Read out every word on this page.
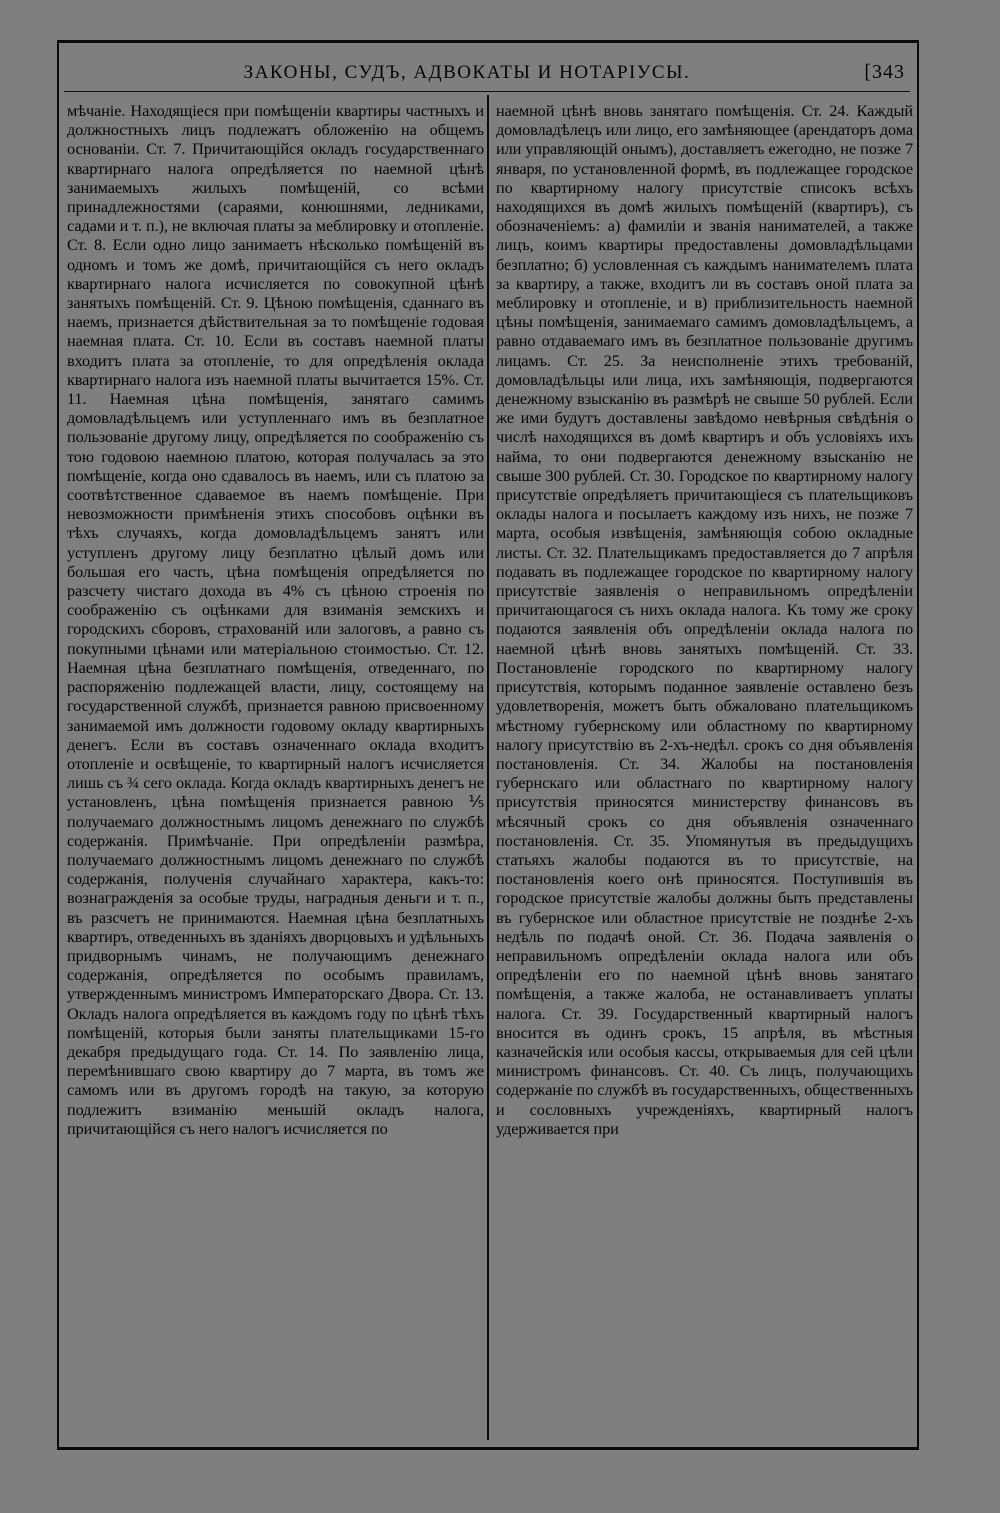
ЗАКОНЫ, СУДЪ, АДВОКАТЫ И НОТАРІУСЫ.	[343
мѣчаніе. Находящіеся при помѣщеніи квартиры частныхъ и должностныхъ лицъ подлежатъ обложенію на общемъ основаніи. Ст. 7. Причитающійся окладъ государственнаго квартирнаго налога опредѣляется по наемной цѣнѣ занимаемыхъ жилыхъ помѣщеній, со всѣми принадлежностями (сараями, конюшнями, ледниками, садами и т. п.), не включая платы за меблировку и отопленіе. Ст. 8. Если одно лицо занимаетъ нѣсколько помѣщеній въ одномъ и томъ же домѣ, причитающійся съ него окладъ квартирнаго налога исчисляется по совокупной цѣнѣ занятыхъ помѣщеній. Ст. 9. Цѣною помѣщенія, сданнаго въ наемъ, признается дѣйствительная за то помѣщеніе годовая наемная плата. Ст. 10. Если въ составъ наемной платы входитъ плата за отопленіе, то для опредѣленія оклада квартирнаго налога изъ наемной платы вычитается 15%. Ст. 11. Наемная цѣна помѣщенія, занятаго самимъ домовладѣльцемъ или уступленнаго имъ въ безплатное пользованіе другому лицу, опредѣляется по соображенію съ тою годовою наемною платою, которая получалась за это помѣщеніе, когда оно сдавалось въ наемъ, или съ платою за соотвѣтственное сдаваемое въ наемъ помѣщеніе. При невозможности примѣненія этихъ способовъ оцѣнки въ тѣхъ случаяхъ, когда домовладѣльцемъ занятъ или уступленъ другому лицу безплатно цѣлый домъ или большая его часть, цѣна помѣщенія опредѣляется по разсчету чистаго дохода въ 4% съ цѣною строенія по соображенію съ оцѣнками для взиманія земскихъ и городскихъ сборовъ, страхованій или залоговъ, а равно съ покупными цѣнами или матеріальною стоимостью. Ст. 12. Наемная цѣна безплатнаго помѣщенія, отведеннаго, по распоряженію подлежащей власти, лицу, состоящему на государственной службѣ, признается равною присвоенному занимаемой имъ должности годовому окладу квартирныхъ денегъ. Если въ составъ означеннаго оклада входитъ отопленіе и освѣщеніе, то квартирный налогъ исчисляется лишь съ ¾ сего оклада. Когда окладъ квартирныхъ денегъ не установленъ, цѣна помѣщенія признается равною ⅕ получаемаго должностнымъ лицомъ денежнаго по службѣ содержанія. Примѣчаніе. При опредѣленіи размѣра, получаемаго должностнымъ лицомъ денежнаго по службѣ содержанія, полученія случайнаго характера, какъ-то: вознагражденія за особые труды, наградныя деньги и т. п., въ разсчетъ не принимаются. Наемная цѣна безплатныхъ квартиръ, отведенныхъ въ зданіяхъ дворцовыхъ и удѣльныхъ придворнымъ чинамъ, не получающимъ денежнаго содержанія, опредѣляется по особымъ правиламъ, утвержденнымъ министромъ Императорскаго Двора. Ст. 13. Окладъ налога опредѣляется въ каждомъ году по цѣнѣ тѣхъ помѣщеній, которыя были заняты плательщиками 15-го декабря предыдущаго года. Ст. 14. По заявленію лица, перемѣнившаго свою квартиру до 7 марта, въ томъ же самомъ или въ другомъ городѣ на такую, за которую подлежитъ взиманію меньшій окладъ налога, причитающійся съ него налогъ исчисляется по
наемной цѣнѣ вновь занятаго помѣщенія. Ст. 24. Каждый домовладѣлецъ или лицо, его замѣняющее (арендаторъ дома или управляющій онымъ), доставляетъ ежегодно, не позже 7 января, по установленной формѣ, въ подлежащее городское по квартирному налогу присутствіе списокъ всѣхъ находящихся въ домѣ жилыхъ помѣщеній (квартиръ), съ обозначеніемъ: а) фамиліи и званія нанимателей, а также лицъ, коимъ квартиры предоставлены домовладѣльцами безплатно; б) условленная съ каждымъ нанимателемъ плата за квартиру, а также, входитъ ли въ составъ оной плата за меблировку и отопленіе, и в) приблизительность наемной цѣны помѣщенія, занимаемаго самимъ домовладѣльцемъ, а равно отдаваемаго имъ въ безплатное пользованіе другимъ лицамъ. Ст. 25. За неисполненіе этихъ требованій, домовладѣльцы или лица, ихъ замѣняющія, подвергаются денежному взысканію въ размѣрѣ не свыше 50 рублей. Если же ими будутъ доставлены завѣдомо невѣрныя свѣдѣнія о числѣ находящихся въ домѣ квартиръ и объ условіяхъ ихъ найма, то они подвергаются денежному взысканію не свыше 300 рублей. Ст. 30. Городское по квартирному налогу присутствіе опредѣляетъ причитающіеся съ плательщиковъ оклады налога и посылаетъ каждому изъ нихъ, не позже 7 марта, особыя извѣщенія, замѣняющія собою окладные листы. Ст. 32. Плательщикамъ предоставляется до 7 апрѣля подавать въ подлежащее городское по квартирному налогу присутствіе заявленія о неправильномъ опредѣленіи причитающагося съ нихъ оклада налога. Къ тому же сроку подаются заявленія объ опредѣленіи оклада налога по наемной цѣнѣ вновь занятыхъ помѣщеній. Ст. 33. Постановленіе городского по квартирному налогу присутствія, которымъ поданное заявленіе оставлено безъ удовлетворенія, можетъ быть обжаловано плательщикомъ мѣстному губернскому или областному по квартирному налогу присутствію въ 2-хъ-недѣл. срокъ со дня объявленія постановленія. Ст. 34. Жалобы на постановленія губернскаго или областнаго по квартирному налогу присутствія приносятся министерству финансовъ въ мѣсячный срокъ со дня объявленія означеннаго постановленія. Ст. 35. Упомянутыя въ предыдущихъ статьяхъ жалобы подаются въ то присутствіе, на постановленія коего онѣ приносятся. Поступившія въ городское присутствіе жалобы должны быть представлены въ губернское или областное присутствіе не позднѣе 2-хъ недѣль по подачѣ оной. Ст. 36. Подача заявленія о неправильномъ опредѣленіи оклада налога или объ опредѣленіи его по наемной цѣнѣ вновь занятаго помѣщенія, а также жалоба, не останавливаетъ уплаты налога. Ст. 39. Государственный квартирный налогъ вносится въ одинъ срокъ, 15 апрѣля, въ мѣстныя казначейскія или особыя кассы, открываемыя для сей цѣли министромъ финансовъ. Ст. 40. Съ лицъ, получающихъ содержаніе по службѣ въ государственныхъ, общественныхъ и сословныхъ учрежденіяхъ, квартирный налогъ удерживается при
